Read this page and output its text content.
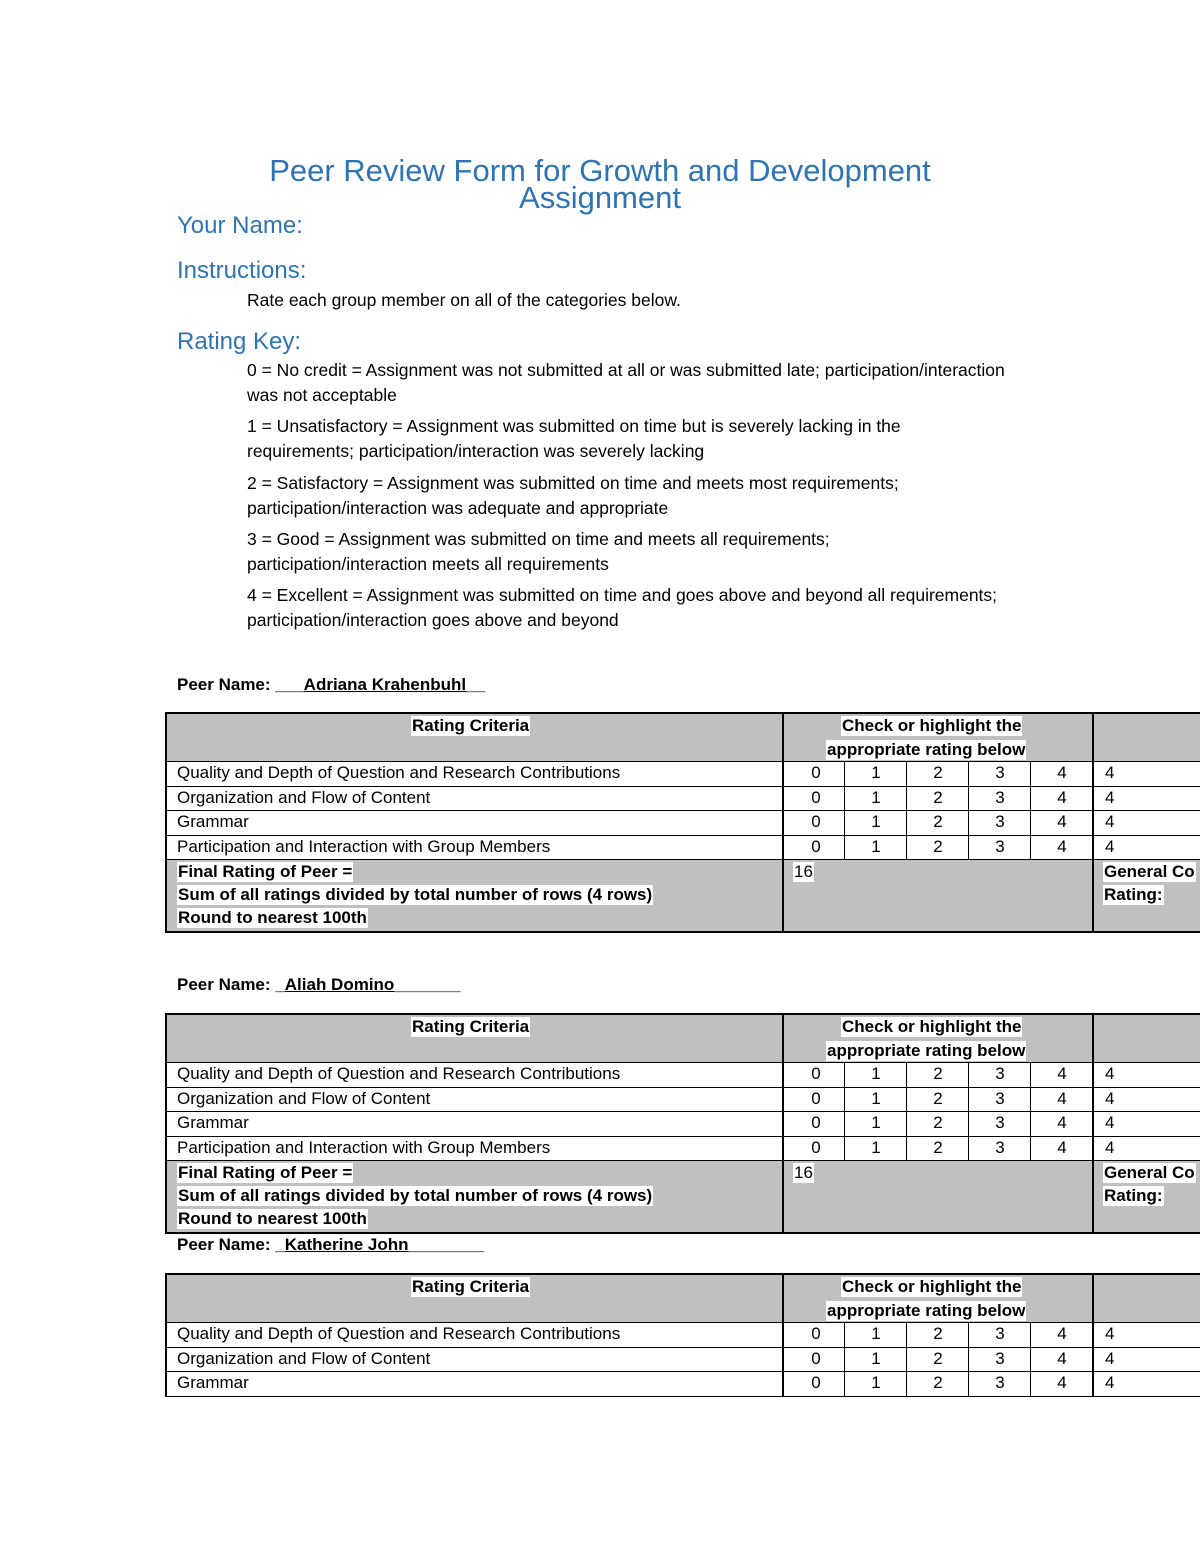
Peer Review Form for Growth and Development
Assignment
Your Name:
Instructions:
Rate each group member on all of the categories below.
Rating Key:
0 = No credit = Assignment was not submitted at all or was submitted late; participation/interaction was not acceptable
1 = Unsatisfactory = Assignment was submitted on time but is severely lacking in the requirements; participation/interaction was severely lacking
2 = Satisfactory = Assignment was submitted on time and meets most requirements; participation/interaction was adequate and appropriate
3 = Good = Assignment was submitted on time and meets all requirements; participation/interaction meets all requirements
4 = Excellent = Assignment was submitted on time and goes above and beyond all requirements; participation/interaction goes above and beyond
Peer Name: ___Adriana Krahenbuhl__
Rating Criteria	Check or highlight the
appropriate rating below
Quality and Depth of Question and Research Contributions	0	1	2	3	4	4
Organization and Flow of Content	0	1	2	3	4	4
Grammar	0	1	2	3	4	4
Participation and Interaction with Group Members	0	1	2	3	4	4
Final Rating of Peer =
Sum of all ratings divided by total number of rows (4 rows)
Round to nearest 100th
16	General Co
Rating:
Peer Name: _Aliah Domino_______
Rating Criteria	Check or highlight the
appropriate rating below
Quality and Depth of Question and Research Contributions	0	1	2	3	4	4
Organization and Flow of Content	0	1	2	3	4	4
Grammar	0	1	2	3	4	4
Participation and Interaction with Group Members	0	1	2	3	4	4
Final Rating of Peer =
Sum of all ratings divided by total number of rows (4 rows)
Round to nearest 100th
16	General Co
Rating:
Peer Name: _Katherine John________
Rating Criteria	Check or highlight the
appropriate rating below
Quality and Depth of Question and Research Contributions	0	1	2	3	4	4
Organization and Flow of Content	0	1	2	3	4	4
Grammar	0	1	2	3	4	4
